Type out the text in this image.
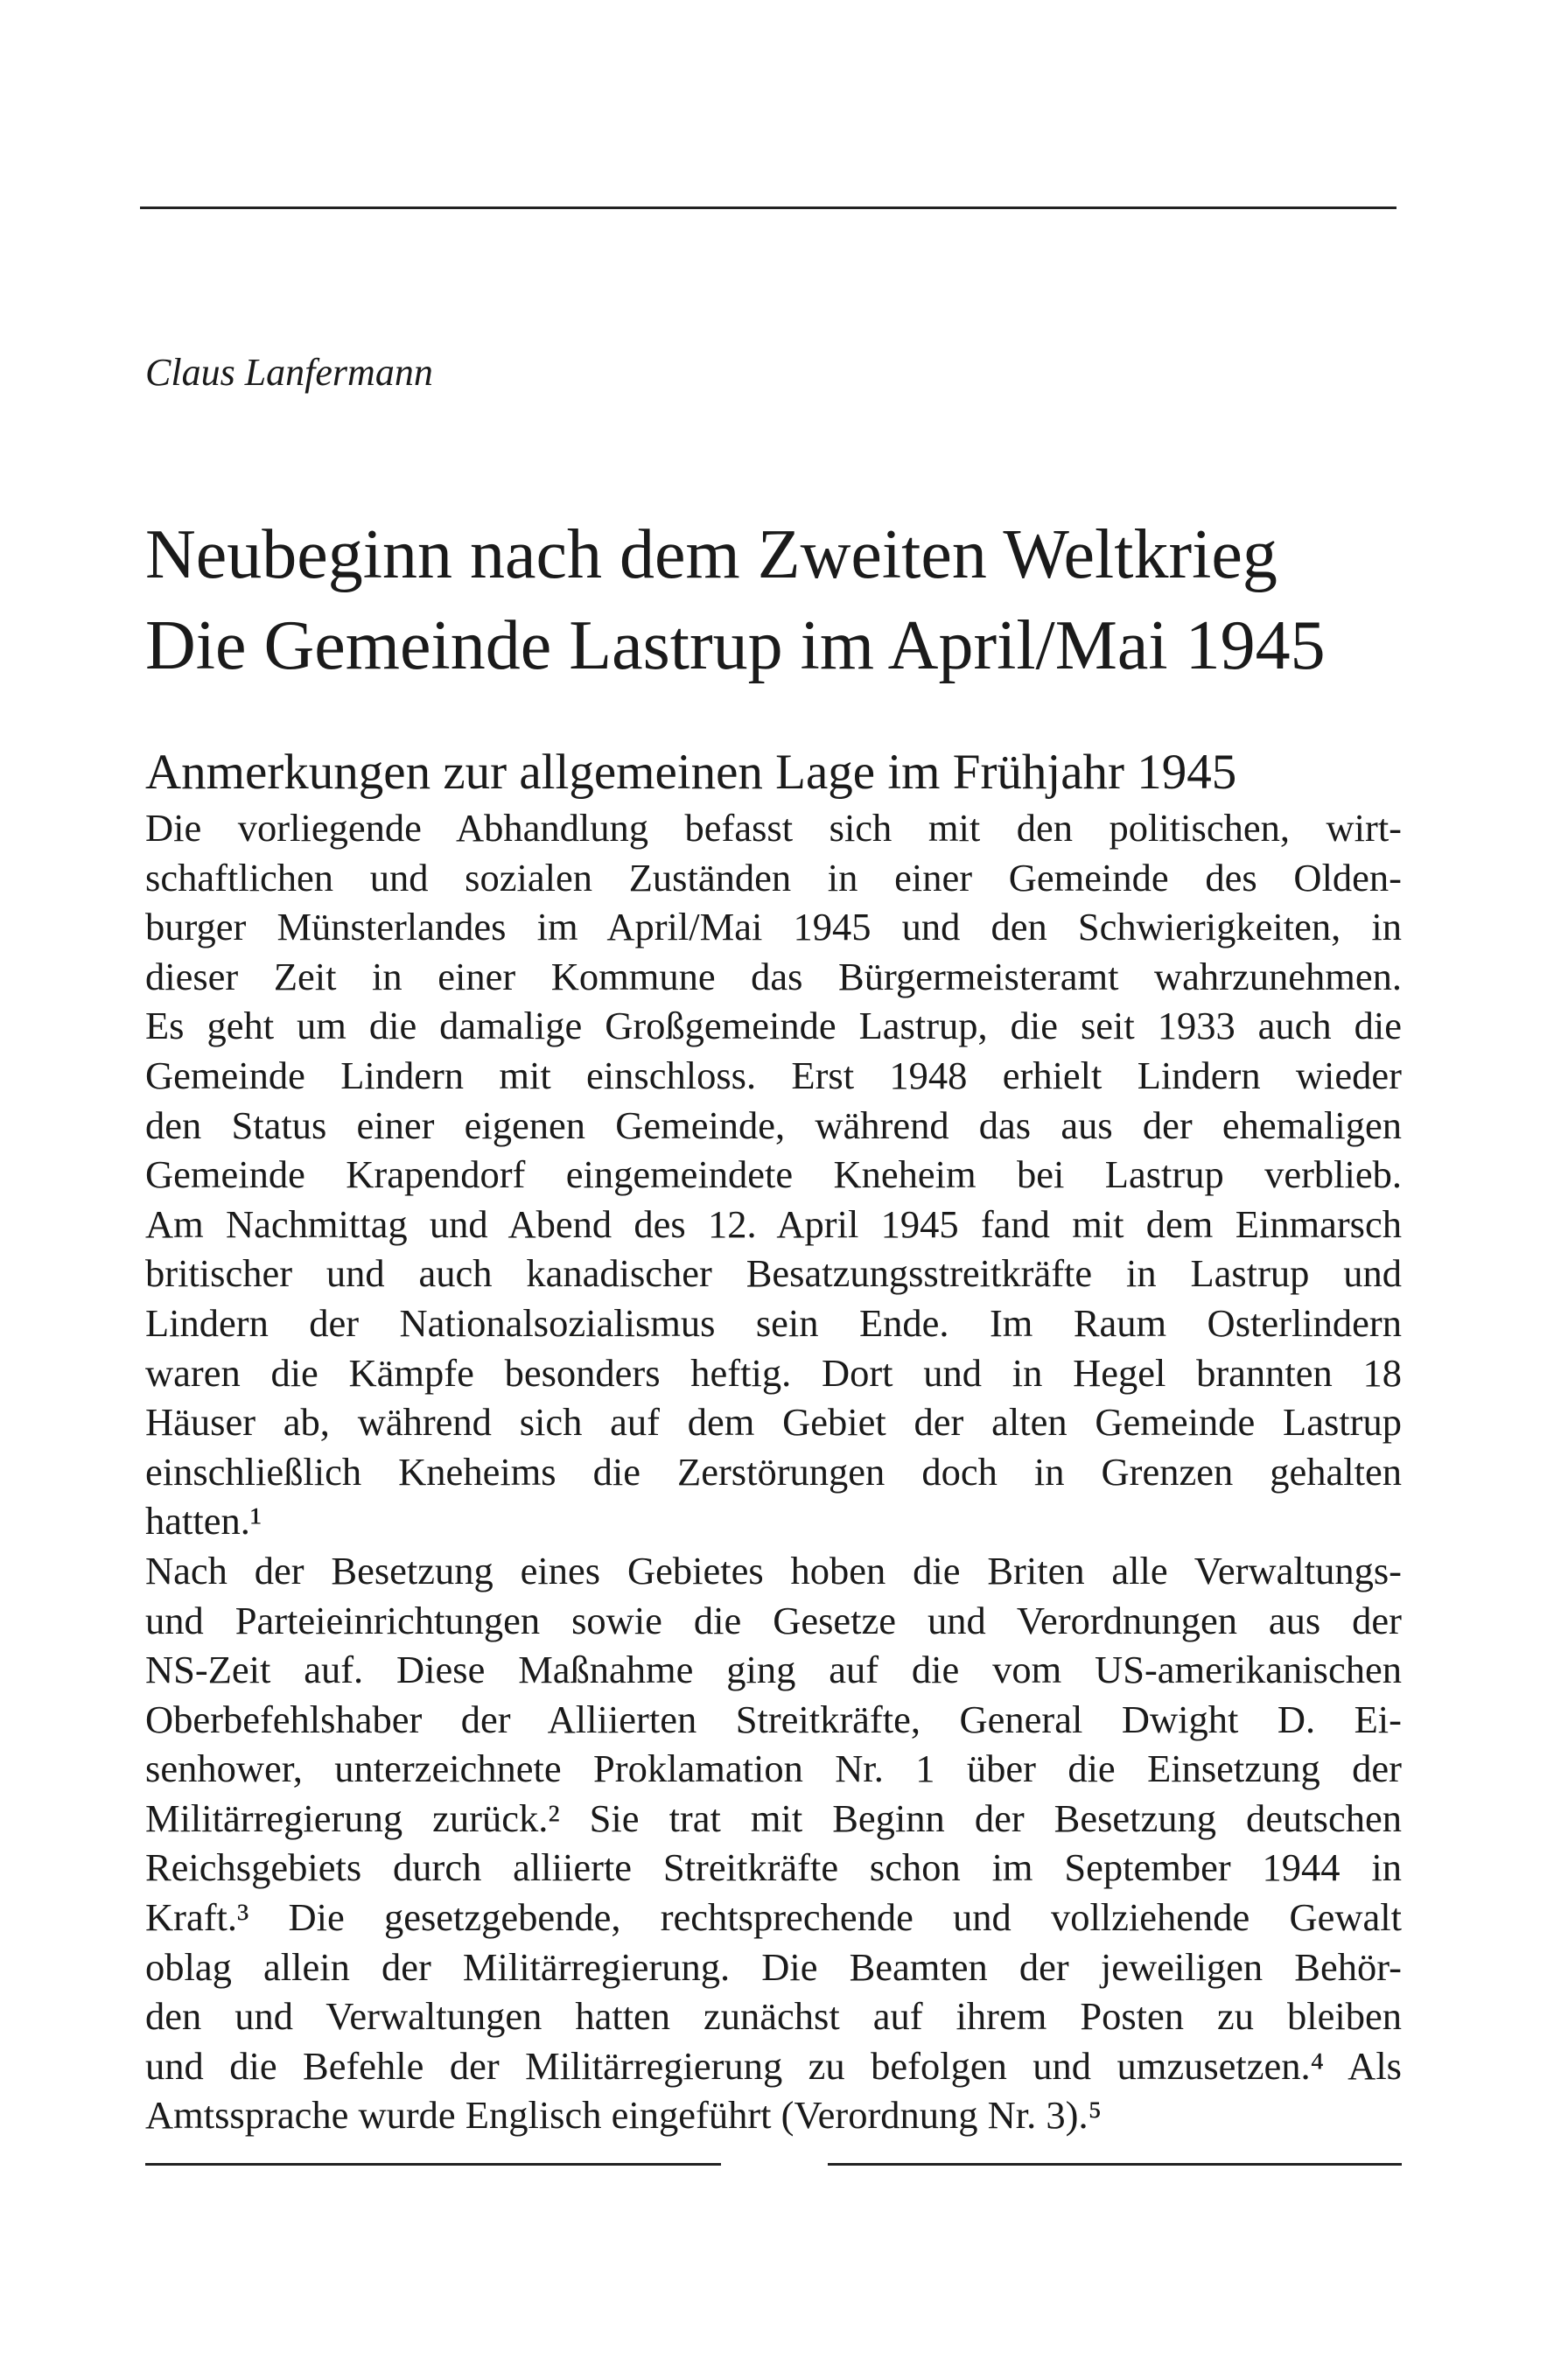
Claus Lanfermann
Neubeginn nach dem Zweiten Weltkrieg
Die Gemeinde Lastrup im April/Mai 1945
Anmerkungen zur allgemeinen Lage im Frühjahr 1945
Die vorliegende Abhandlung befasst sich mit den politischen, wirt-
schaftlichen und sozialen Zuständen in einer Gemeinde des Olden-
burger Münsterlandes im April/Mai 1945 und den Schwierigkeiten, in
dieser Zeit in einer Kommune das Bürgermeisteramt wahrzunehmen.
Es geht um die damalige Großgemeinde Lastrup, die seit 1933 auch die
Gemeinde Lindern mit einschloss. Erst 1948 erhielt Lindern wieder
den Status einer eigenen Gemeinde, während das aus der ehemaligen
Gemeinde Krapendorf eingemeindete Kneheim bei Lastrup verblieb.
Am Nachmittag und Abend des 12. April 1945 fand mit dem Einmarsch
britischer und auch kanadischer Besatzungsstreitkräfte in Lastrup und
Lindern der Nationalsozialismus sein Ende. Im Raum Osterlindern
waren die Kämpfe besonders heftig. Dort und in Hegel brannten 18
Häuser ab, während sich auf dem Gebiet der alten Gemeinde Lastrup
einschließlich Kneheims die Zerstörungen doch in Grenzen gehalten
hatten.¹
Nach der Besetzung eines Gebietes hoben die Briten alle Verwaltungs-
und Parteieinrichtungen sowie die Gesetze und Verordnungen aus der
NS-Zeit auf. Diese Maßnahme ging auf die vom US-amerikanischen
Oberbefehlshaber der Alliierten Streitkräfte, General Dwight D. Ei-
senhower, unterzeichnete Proklamation Nr. 1 über die Einsetzung der
Militärregierung zurück.² Sie trat mit Beginn der Besetzung deutschen
Reichsgebiets durch alliierte Streitkräfte schon im September 1944 in
Kraft.³ Die gesetzgebende, rechtsprechende und vollziehende Gewalt
oblag allein der Militärregierung. Die Beamten der jeweiligen Behör-
den und Verwaltungen hatten zunächst auf ihrem Posten zu bleiben
und die Befehle der Militärregierung zu befolgen und umzusetzen.⁴ Als
Amtssprache wurde Englisch eingeführt (Verordnung Nr. 3).⁵
